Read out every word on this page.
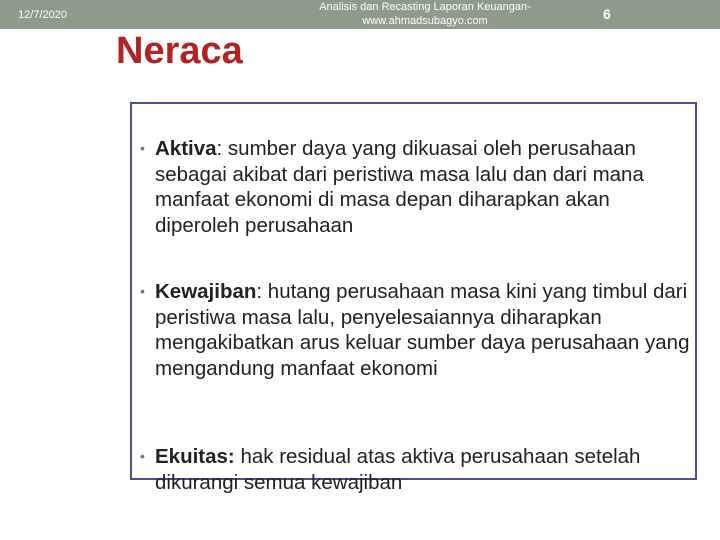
12/7/2020
Analisis dan Recasting Laporan Keuangan-
www.ahmadsubagyo.com	6
Neraca
• Aktiva: sumber daya yang dikuasai oleh perusahaan sebagai akibat dari peristiwa masa lalu dan dari mana manfaat ekonomi di masa depan diharapkan akan diperoleh perusahaan
• Kewajiban: hutang perusahaan masa kini yang timbul dari peristiwa masa lalu, penyelesaiannya diharapkan mengakibatkan arus keluar sumber daya perusahaan yang mengandung manfaat ekonomi
• Ekuitas: hak residual atas aktiva perusahaan setelah dikurangi semua kewajiban
